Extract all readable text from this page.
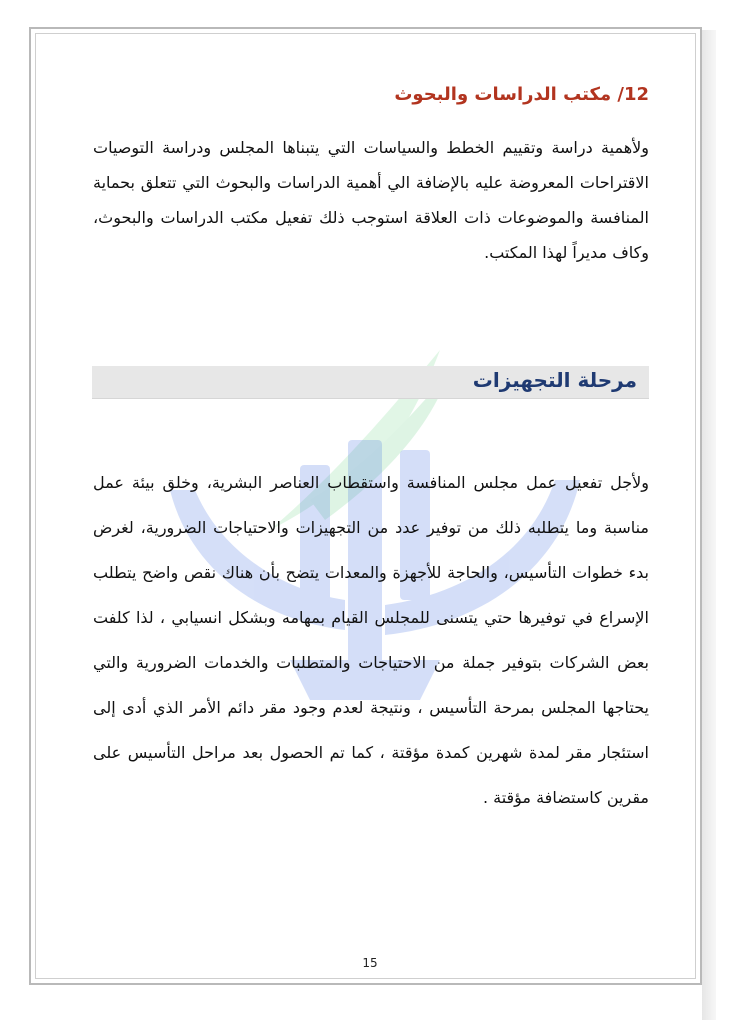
12/ مكتب الدراسات والبحوث
ولأهمية دراسة وتقييم الخطط والسياسات التي يتبناها المجلس ودراسة التوصيات الاقتراحات المعروضة عليه بالإضافة الي أهمية الدراسات والبحوث التي تتعلق بحماية المنافسة والموضوعات ذات العلاقة استوجب ذلك تفعيل مكتب الدراسات والبحوث، وكاف مديراً لهذا المكتب.
مرحلة التجهيزات
ولأجل تفعيل عمل مجلس المنافسة واستقطاب العناصر البشرية، وخلق بيئة عمل مناسبة وما يتطلبه ذلك من توفير عدد من التجهيزات والاحتياجات الضرورية، لغرض بدء خطوات التأسيس، والحاجة للأجهزة والمعدات يتضح بأن هناك نقص واضح يتطلب الإسراع في توفيرها حتي يتسنى للمجلس القيام بمهامه وبشكل انسيابي ، لذا كلفت بعض الشركات بتوفير جملة من الاحتياجات والمتطلبات والخدمات الضرورية والتي يحتاجها المجلس بمرحة التأسيس ، ونتيجة لعدم وجود مقر دائم الأمر الذي أدى إلى استئجار مقر لمدة شهرين كمدة مؤقتة ، كما تم الحصول بعد مراحل التأسيس على مقرين كاستضافة مؤقتة .
15
